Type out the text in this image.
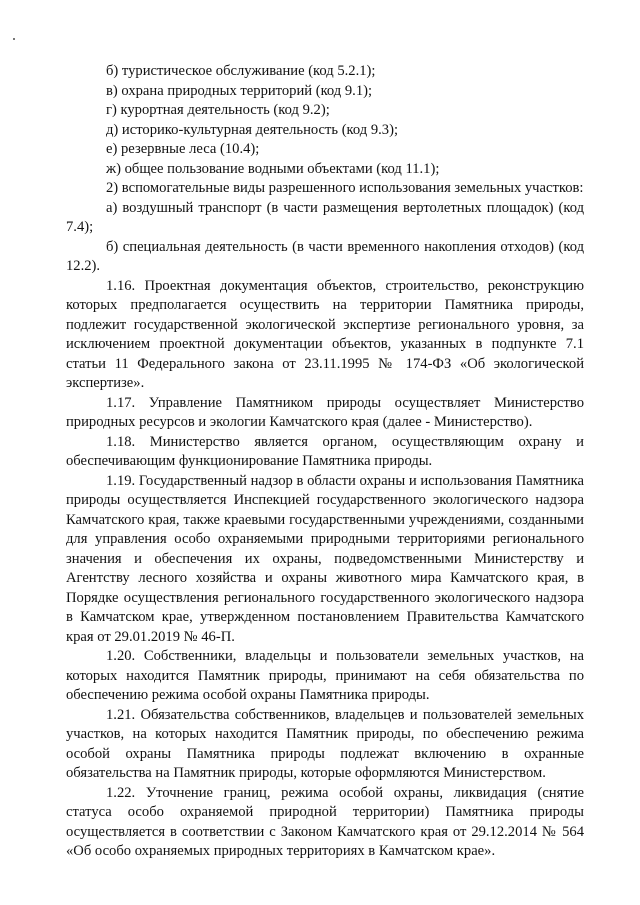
б) туристическое обслуживание (код 5.2.1);

в) охрана природных территорий (код 9.1);

г) курортная деятельность (код 9.2);

д) историко-культурная деятельность (код 9.3);

е) резервные леса (10.4);

ж) общее пользование водными объектами (код 11.1);

2) вспомогательные виды разрешенного использования земельных участков:

а) воздушный транспорт (в части размещения вертолетных площадок) (код 7.4);

б) специальная деятельность (в части временного накопления отходов) (код 12.2).

1.16. Проектная документация объектов, строительство, реконструкцию которых предполагается осуществить на территории Памятника природы, подлежит государственной экологической экспертизе регионального уровня, за исключением проектной документации объектов, указанных в подпункте 7.1 статьи 11 Федерального закона от 23.11.1995 № 174-ФЗ «Об экологической экспертизе».

1.17. Управление Памятником природы осуществляет Министерство природных ресурсов и экологии Камчатского края (далее - Министерство).

1.18. Министерство является органом, осуществляющим охрану и обеспечивающим функционирование Памятника природы.

1.19. Государственный надзор в области охраны и использования Памятника природы осуществляется Инспекцией государственного экологического надзора Камчатского края, также краевыми государственными учреждениями, созданными для управления особо охраняемыми природными территориями регионального значения и обеспечения их охраны, подведомственными Министерству и Агентству лесного хозяйства и охраны животного мира Камчатского края, в Порядке осуществления регионального государственного экологического надзора в Камчатском крае, утвержденном постановлением Правительства Камчатского края от 29.01.2019 № 46-П.

1.20. Собственники, владельцы и пользователи земельных участков, на которых находится Памятник природы, принимают на себя обязательства по обеспечению режима особой охраны Памятника природы.

1.21. Обязательства собственников, владельцев и пользователей земельных участков, на которых находится Памятник природы, по обеспечению режима особой охраны Памятника природы подлежат включению в охранные обязательства на Памятник природы, которые оформляются Министерством.

1.22. Уточнение границ, режима особой охраны, ликвидация (снятие статуса особо охраняемой природной территории) Памятника природы осуществляется в соответствии с Законом Камчатского края от 29.12.2014 № 564 «Об особо охраняемых природных территориях в Камчатском крае».
